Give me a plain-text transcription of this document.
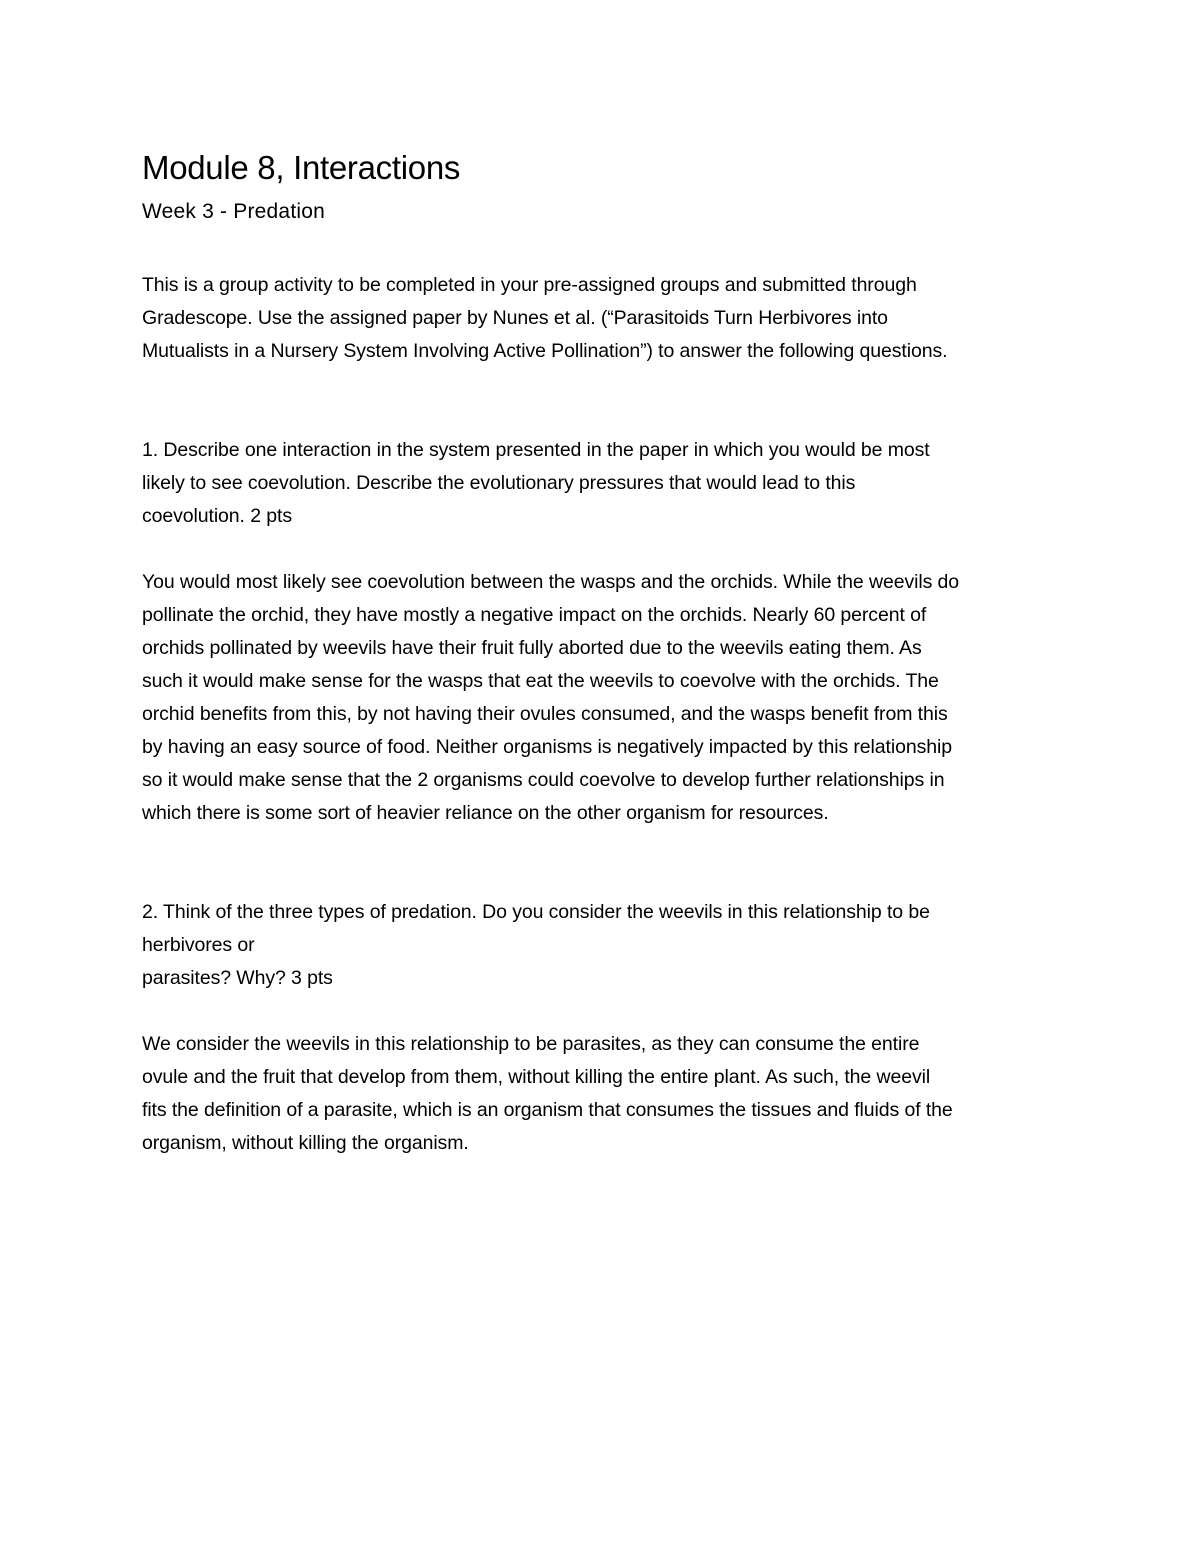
Module 8, Interactions
Week 3 - Predation

This is a group activity to be completed in your pre-assigned groups and submitted through
Gradescope. Use the assigned paper by Nunes et al. (“Parasitoids Turn Herbivores into
Mutualists in a Nursery System Involving Active Pollination”) to answer the following questions.

1. Describe one interaction in the system presented in the paper in which you would be most
likely to see coevolution. Describe the evolutionary pressures that would lead to this
coevolution. 2 pts

You would most likely see coevolution between the wasps and the orchids. While the weevils do
pollinate the orchid, they have mostly a negative impact on the orchids. Nearly 60 percent of
orchids pollinated by weevils have their fruit fully aborted due to the weevils eating them. As
such it would make sense for the wasps that eat the weevils to coevolve with the orchids. The
orchid benefits from this, by not having their ovules consumed, and the wasps benefit from this
by having an easy source of food. Neither organisms is negatively impacted by this relationship
so it would make sense that the 2 organisms could coevolve to develop further relationships in
which there is some sort of heavier reliance on the other organism for resources.

2. Think of the three types of predation. Do you consider the weevils in this relationship to be
herbivores or
parasites? Why? 3 pts

We consider the weevils in this relationship to be parasites, as they can consume the entire
ovule and the fruit that develop from them, without killing the entire plant. As such, the weevil
fits the definition of a parasite, which is an organism that consumes the tissues and fluids of the
organism, without killing the organism.
